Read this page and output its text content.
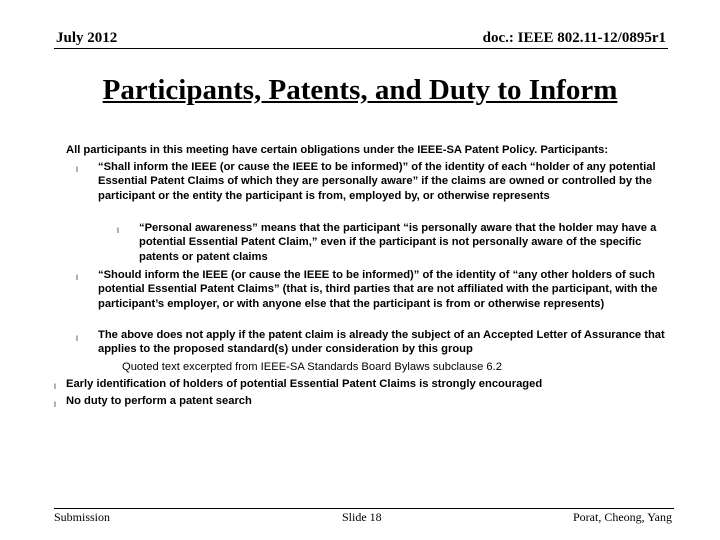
July 2012	doc.: IEEE 802.11-12/0895r1
Participants, Patents, and Duty to Inform
All participants in this meeting have certain obligations under the IEEE-SA Patent Policy. Participants:
l “Shall inform the IEEE (or cause the IEEE to be informed)” of the identity of each “holder of any potential Essential Patent Claims of which they are personally aware” if the claims are owned or controlled by the participant or the entity the participant is from, employed by, or otherwise represents
l “Personal awareness” means that the participant “is personally aware that the holder may have a potential Essential Patent Claim,” even if the participant is not personally aware of the specific patents or patent claims
l “Should inform the IEEE (or cause the IEEE to be informed)” of the identity of “any other holders of such potential Essential Patent Claims” (that is, third parties that are not affiliated with the participant, with the participant’s employer, or with anyone else that the participant is from or otherwise represents)
l The above does not apply if the patent claim is already the subject of an Accepted Letter of Assurance that applies to the proposed standard(s) under consideration by this group
Quoted text excerpted from IEEE-SA Standards Board Bylaws subclause 6.2
l Early identification of holders of potential Essential Patent Claims is strongly encouraged
l No duty to perform a patent search
Submission	Slide 18	Porat, Cheong, Yang
